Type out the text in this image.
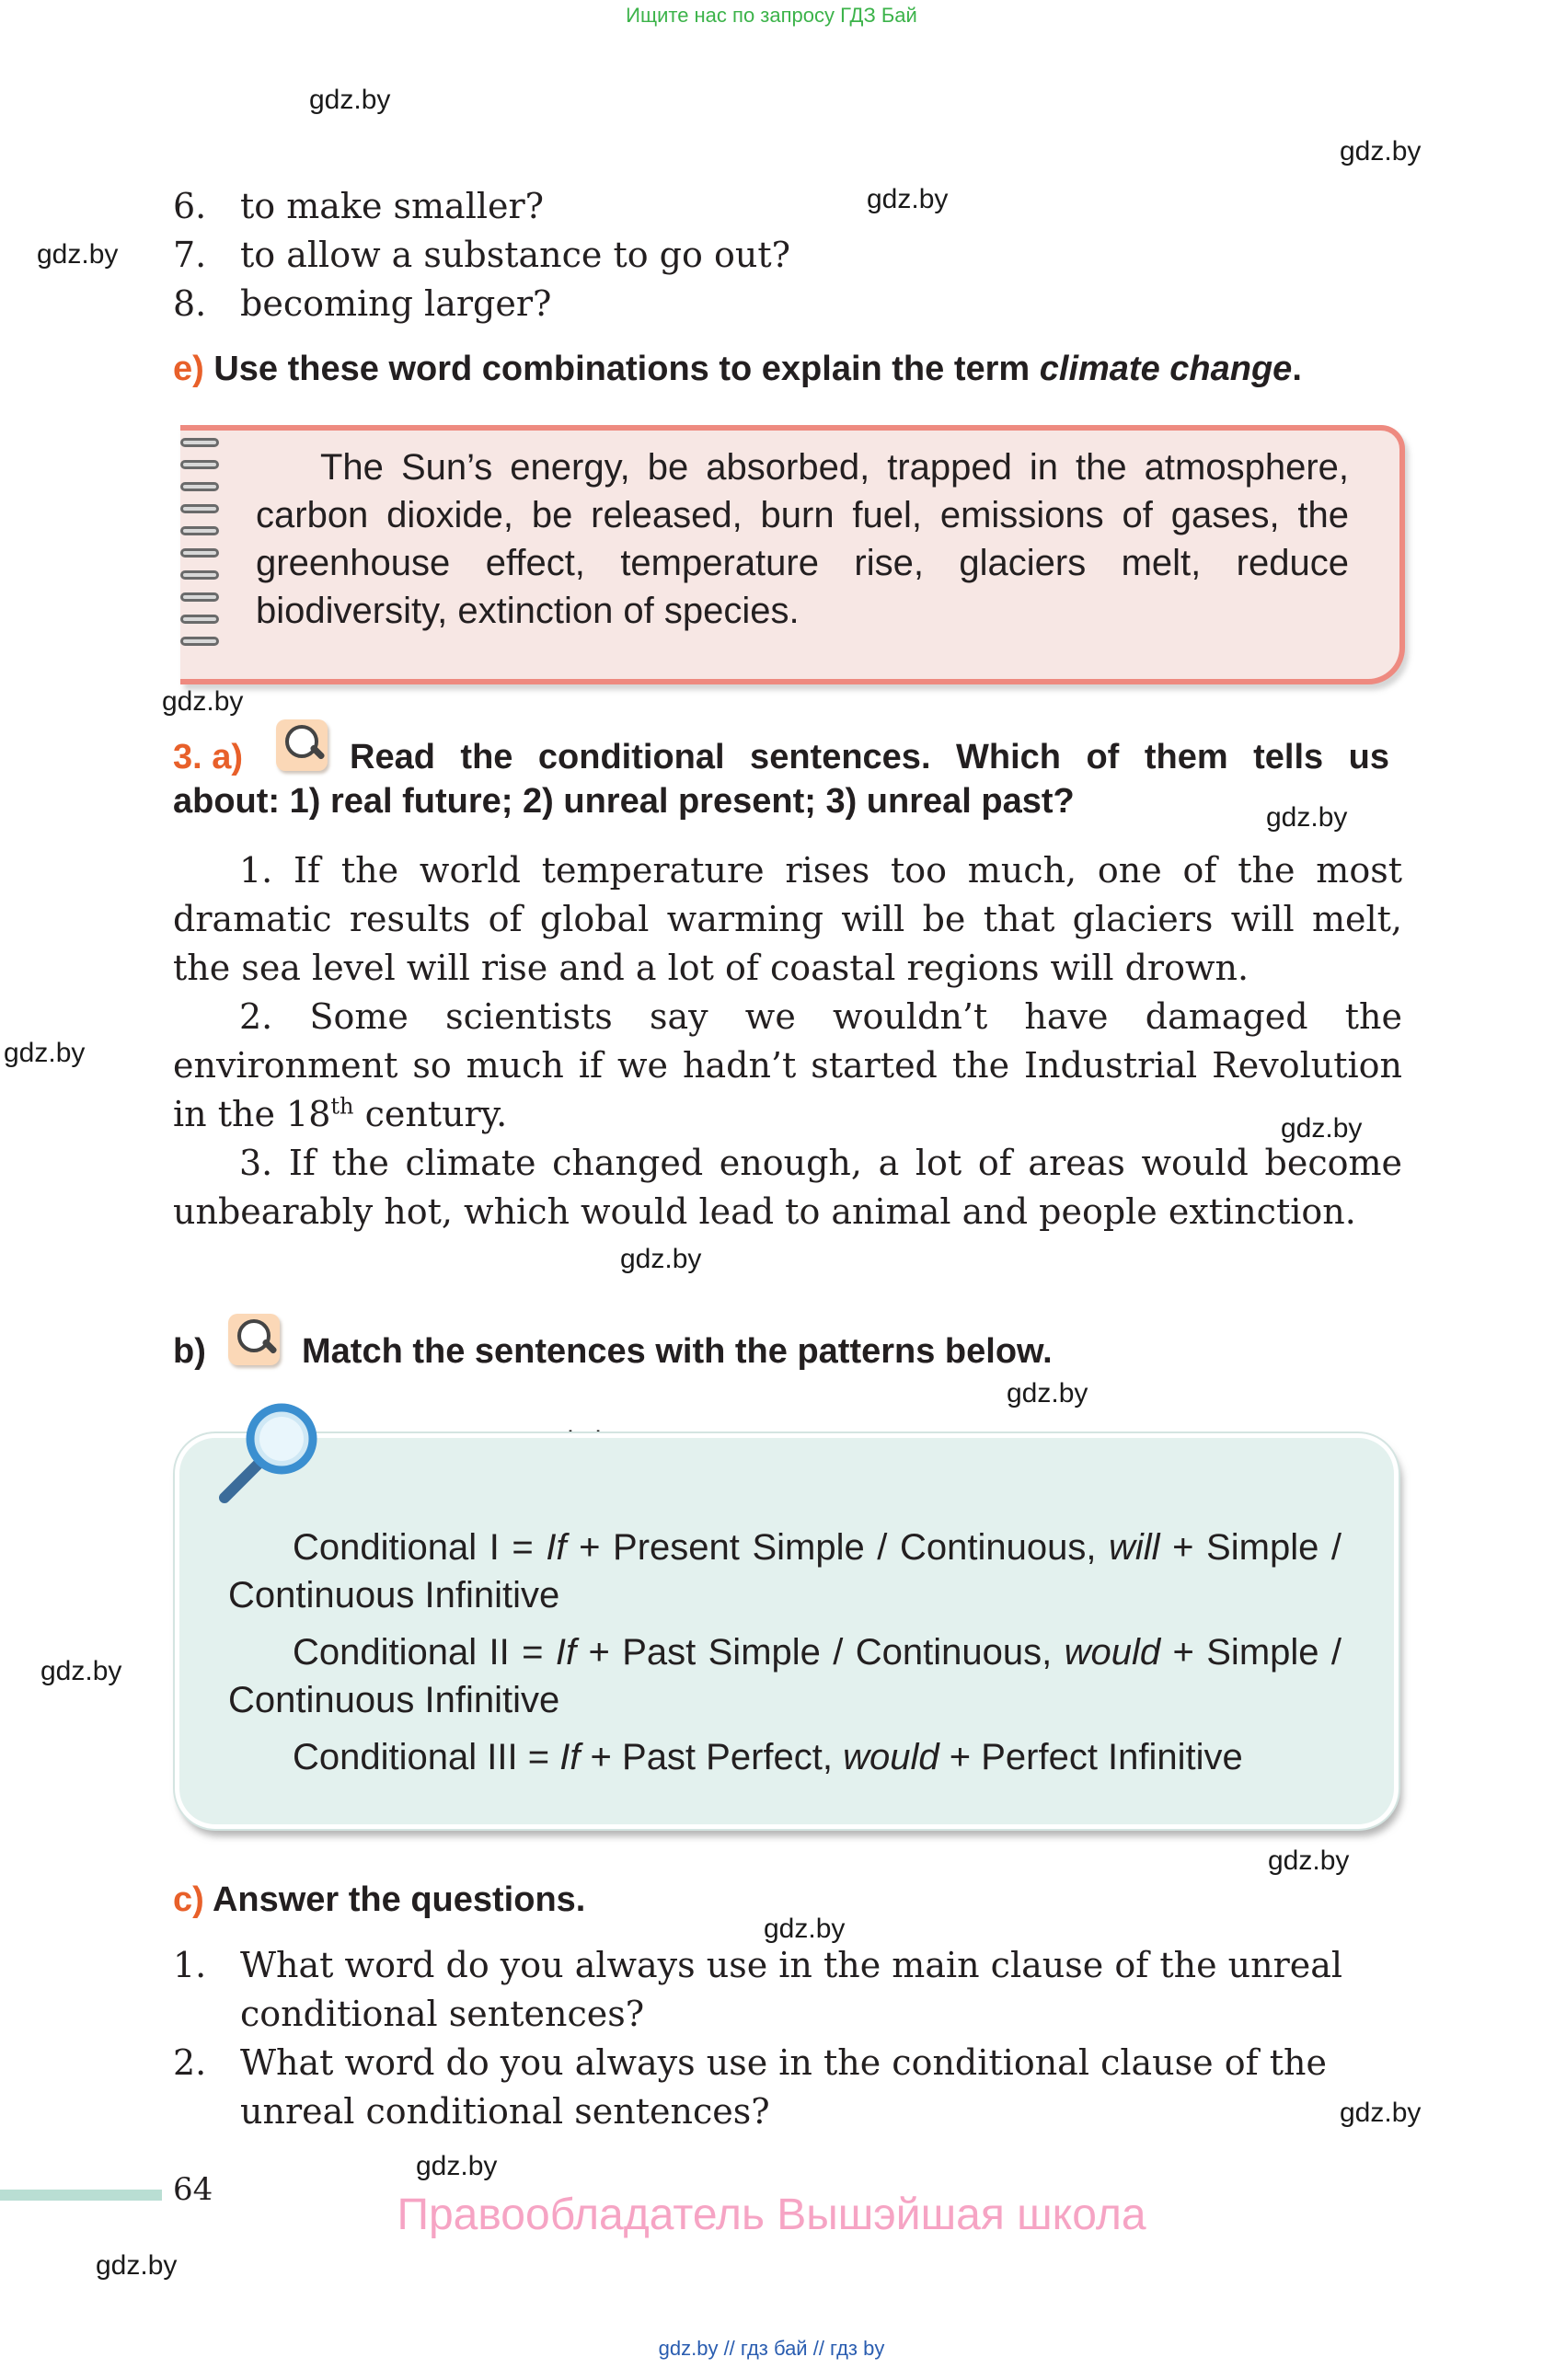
Ищите нас по запросу ГДЗ Бай
gdz.by
gdz.by
gdz.by
gdz.by
gdz.by
gdz.by
gdz.by
gdz.by
gdz.by
gdz.by
gdz.by
gdz.by
gdz.by
gdz.by
gdz.by
gdz.by
6. to make smaller?
7. to allow a substance to go out?
8. becoming larger?
e) Use these word combinations to explain the term climate change.
The Sun’s energy, be absorbed, trapped in the atmosphere, carbon dioxide, be released, burn fuel, emissions of gases, the greenhouse effect, temperature rise, glaciers melt, reduce biodiversity, extinction of species.
3. a)	Read the conditional sentences. Which of them tells us
about: 1) real future; 2) unreal present; 3) unreal past?

1. If the world temperature rises too much, one of the most dramatic results of global warming will be that glaciers will melt, the sea level will rise and a lot of coastal regions will drown.

2. Some scientists say we wouldn’t have damaged the environment so much if we hadn’t started the Industrial Revolution in the 18th century.

3. If the climate changed enough, a lot of areas would become unbearably hot, which would lead to animal and people extinction.

b)	Match the sentences with the patterns below.

Conditional I = If + Present Simple / Continuous, will + Simple / Continuous Infinitive

Conditional II = If + Past Simple / Continuous, would + Simple / Continuous Infinitive

Conditional III = If + Past Perfect, would + Perfect Infinitive

c) Answer the questions.
1. What word do you always use in the main clause of the unreal conditional sentences?
2. What word do you always use in the conditional clause of the unreal conditional sentences?
64
Правообладатель Вышэйшая школа
gdz.by // гдз бай // гдз by
